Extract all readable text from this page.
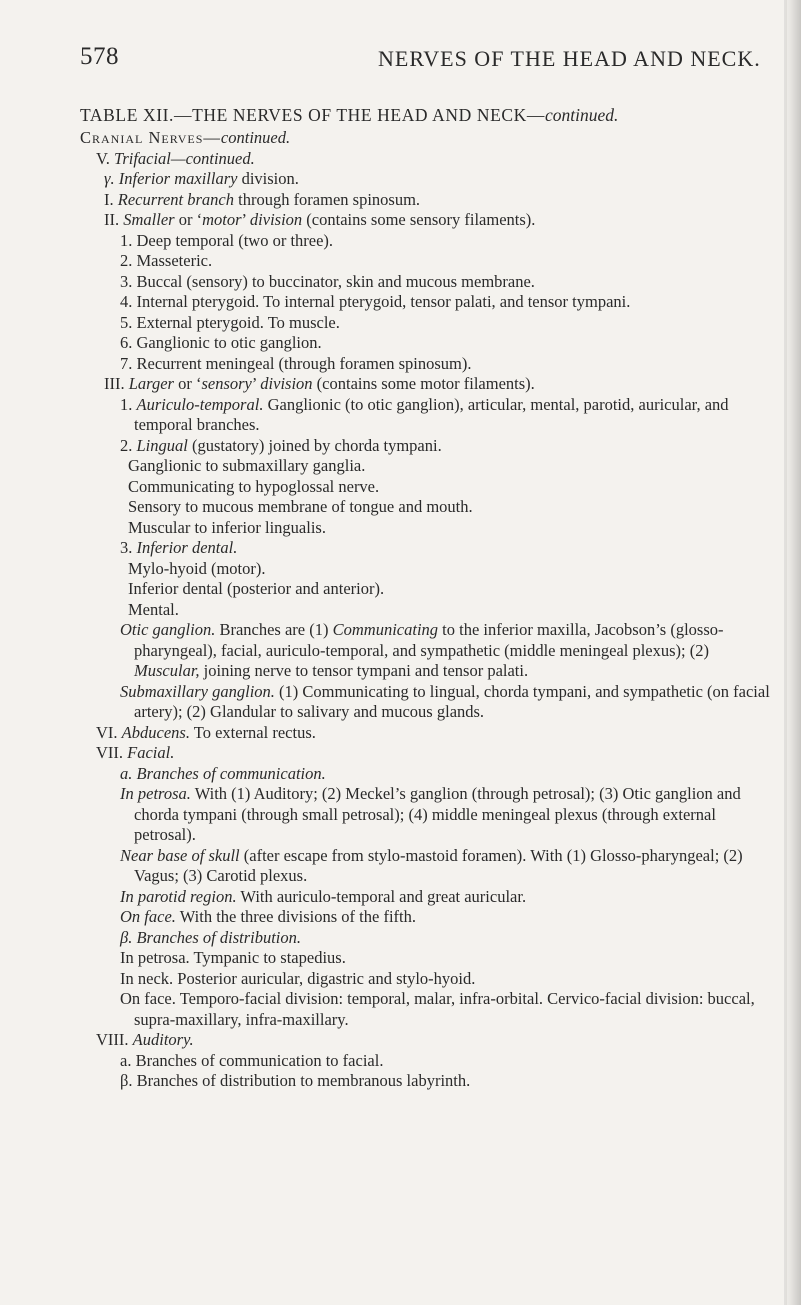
578	NERVES OF THE HEAD AND NECK.
TABLE XII.—THE NERVES OF THE HEAD AND NECK—continued.
Cranial Nerves—continued.
V. Trifacial—continued.
γ. Inferior maxillary division.
I. Recurrent branch through foramen spinosum.
II. Smaller or ‘motor’ division (contains some sensory filaments).
1. Deep temporal (two or three).
2. Masseteric.
3. Buccal (sensory) to buccinator, skin and mucous membrane.
4. Internal pterygoid. To internal pterygoid, tensor palati, and tensor tympani.
5. External pterygoid. To muscle.
6. Ganglionic to otic ganglion.
7. Recurrent meningeal (through foramen spinosum).
III. Larger or ‘sensory’ division (contains some motor filaments).
1. Auriculo-temporal. Ganglionic (to otic ganglion), articular, mental, parotid, auricular, and temporal branches.
2. Lingual (gustatory) joined by chorda tympani.
Ganglionic to submaxillary ganglia.
Communicating to hypoglossal nerve.
Sensory to mucous membrane of tongue and mouth.
Muscular to inferior lingualis.
3. Inferior dental.
Mylo-hyoid (motor).
Inferior dental (posterior and anterior).
Mental.
Otic ganglion. Branches are (1) Communicating to the inferior maxilla, Jacobson’s (glosso-pharyngeal), facial, auriculo-temporal, and sympathetic (middle meningeal plexus); (2) Muscular, joining nerve to tensor tympani and tensor palati.
Submaxillary ganglion. (1) Communicating to lingual, chorda tympani, and sympathetic (on facial artery); (2) Glandular to salivary and mucous glands.
VI. Abducens. To external rectus.
VII. Facial.
a. Branches of communication.
In petrosa. With (1) Auditory; (2) Meckel’s ganglion (through petrosal); (3) Otic ganglion and chorda tympani (through small petrosal); (4) middle meningeal plexus (through external petrosal).
Near base of skull (after escape from stylo-mastoid foramen). With (1) Glosso-pharyngeal; (2) Vagus; (3) Carotid plexus.
In parotid region. With auriculo-temporal and great auricular.
On face. With the three divisions of the fifth.
β. Branches of distribution.
In petrosa. Tympanic to stapedius.
In neck. Posterior auricular, digastric and stylo-hyoid.
On face. Temporo-facial division: temporal, malar, infra-orbital. Cervico-facial division: buccal, supra-maxillary, infra-maxillary.
VIII. Auditory.
a. Branches of communication to facial.
β. Branches of distribution to membranous labyrinth.
